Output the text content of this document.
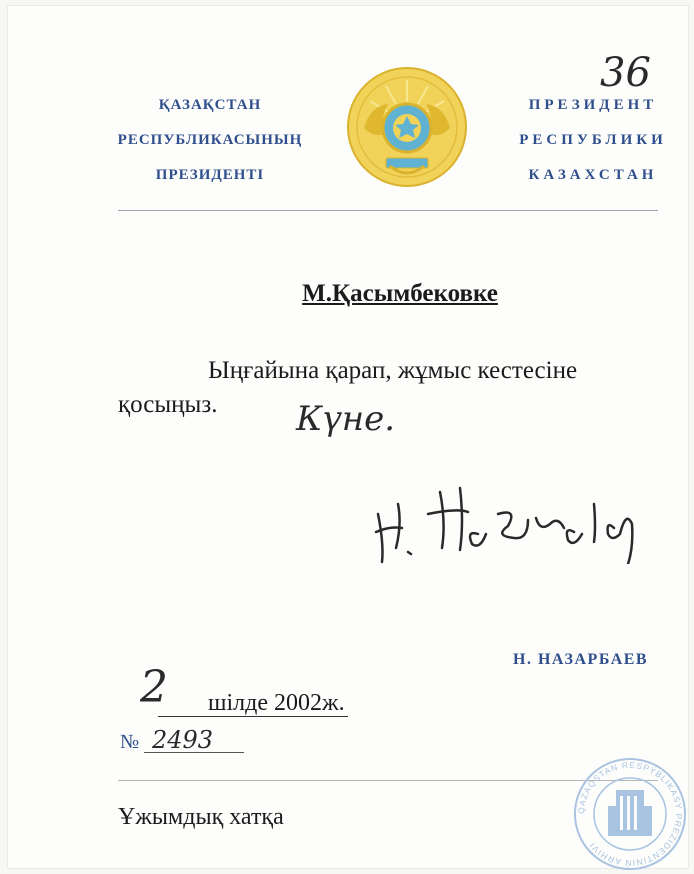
ҚАЗАҚСТАН
РЕСПУБЛИКАСЫНЫҢ
ПРЕЗИДЕНТІ
ПРЕЗИДЕНТ
РЕСПУБЛИКИ
КАЗАХСТАН
36
М.Қасымбековке
Ыңғайына қарап, жұмыс кестесіне
қосыңыз.	Күне.
Н. НАЗАРБАЕВ
2 шілде 2002ж.
№ 2493
Ұжымдық хатқа	QAZAQSTAN RESPÝBLIKASY PREZIDENTINIŃ ARHIVI
